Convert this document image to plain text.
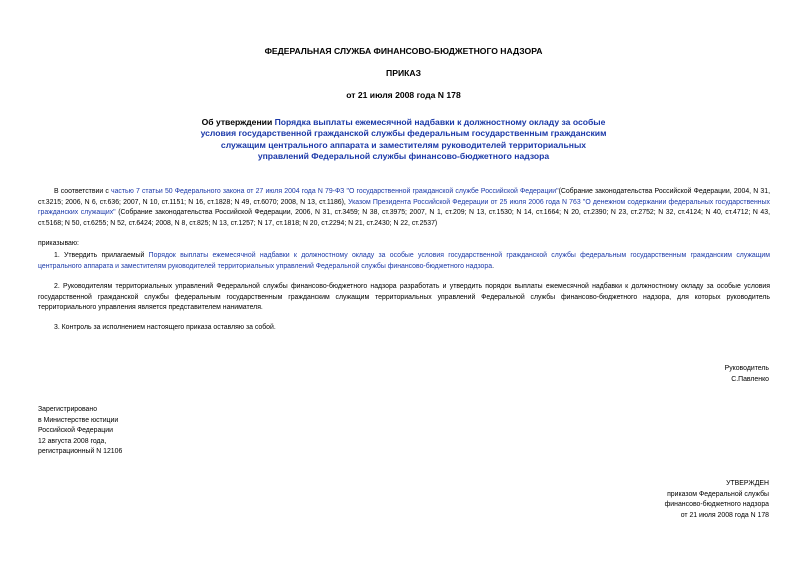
ФЕДЕРАЛЬНАЯ СЛУЖБА ФИНАНСОВО-БЮДЖЕТНОГО НАДЗОРА
ПРИКАЗ
от 21 июля 2008 года N 178
Об утверждении Порядка выплаты ежемесячной надбавки к должностному окладу за особые условия государственной гражданской службы федеральным государственным гражданским служащим центрального аппарата и заместителям руководителей территориальных управлений Федеральной службы финансово-бюджетного надзора
В соответствии с частью 7 статьи 50 Федерального закона от 27 июля 2004 года N 79-ФЗ "О государственной гражданской службе Российской Федерации"(Собрание законодательства Российской Федерации, 2004, N 31, ст.3215; 2006, N 6, ст.636; 2007, N 10, ст.1151; N 16, ст.1828; N 49, ст.6070; 2008, N 13, ст.1186), Указом Президента Российской Федерации от 25 июля 2006 года N 763 "О денежном содержании федеральных государственных гражданских служащих" (Собрание законодательства Российской Федерации, 2006, N 31, ст.3459; N 38, ст.3975; 2007, N 1, ст.209; N 13, ст.1530; N 14, ст.1664; N 20, ст.2390; N 23, ст.2752; N 32, ст.4124; N 40, ст.4712; N 43, ст.5168; N 50, ст.6255; N 52, ст.6424; 2008, N 8, ст.825; N 13, ст.1257; N 17, ст.1818; N 20, ст.2294; N 21, ст.2430; N 22, ст.2537)
приказываю:
1. Утвердить прилагаемый Порядок выплаты ежемесячной надбавки к должностному окладу за особые условия государственной гражданской службы федеральным государственным гражданским служащим центрального аппарата и заместителям руководителей территориальных управлений Федеральной службы финансово-бюджетного надзора.
2. Руководителям территориальных управлений Федеральной службы финансово-бюджетного надзора разработать и утвердить порядок выплаты ежемесячной надбавки к должностному окладу за особые условия государственной гражданской службы федеральным государственным гражданским служащим территориальных управлений Федеральной службы финансово-бюджетного надзора, для которых руководитель территориального управления является представителем нанимателя.
3. Контроль за исполнением настоящего приказа оставляю за собой.
Руководитель
С.Павленко
Зарегистрировано
в Министерстве юстиции
Российской Федерации
12 августа 2008 года,
регистрационный N 12106
УТВЕРЖДЕН
приказом Федеральной службы
финансово-бюджетного надзора
от 21 июля 2008 года N 178
